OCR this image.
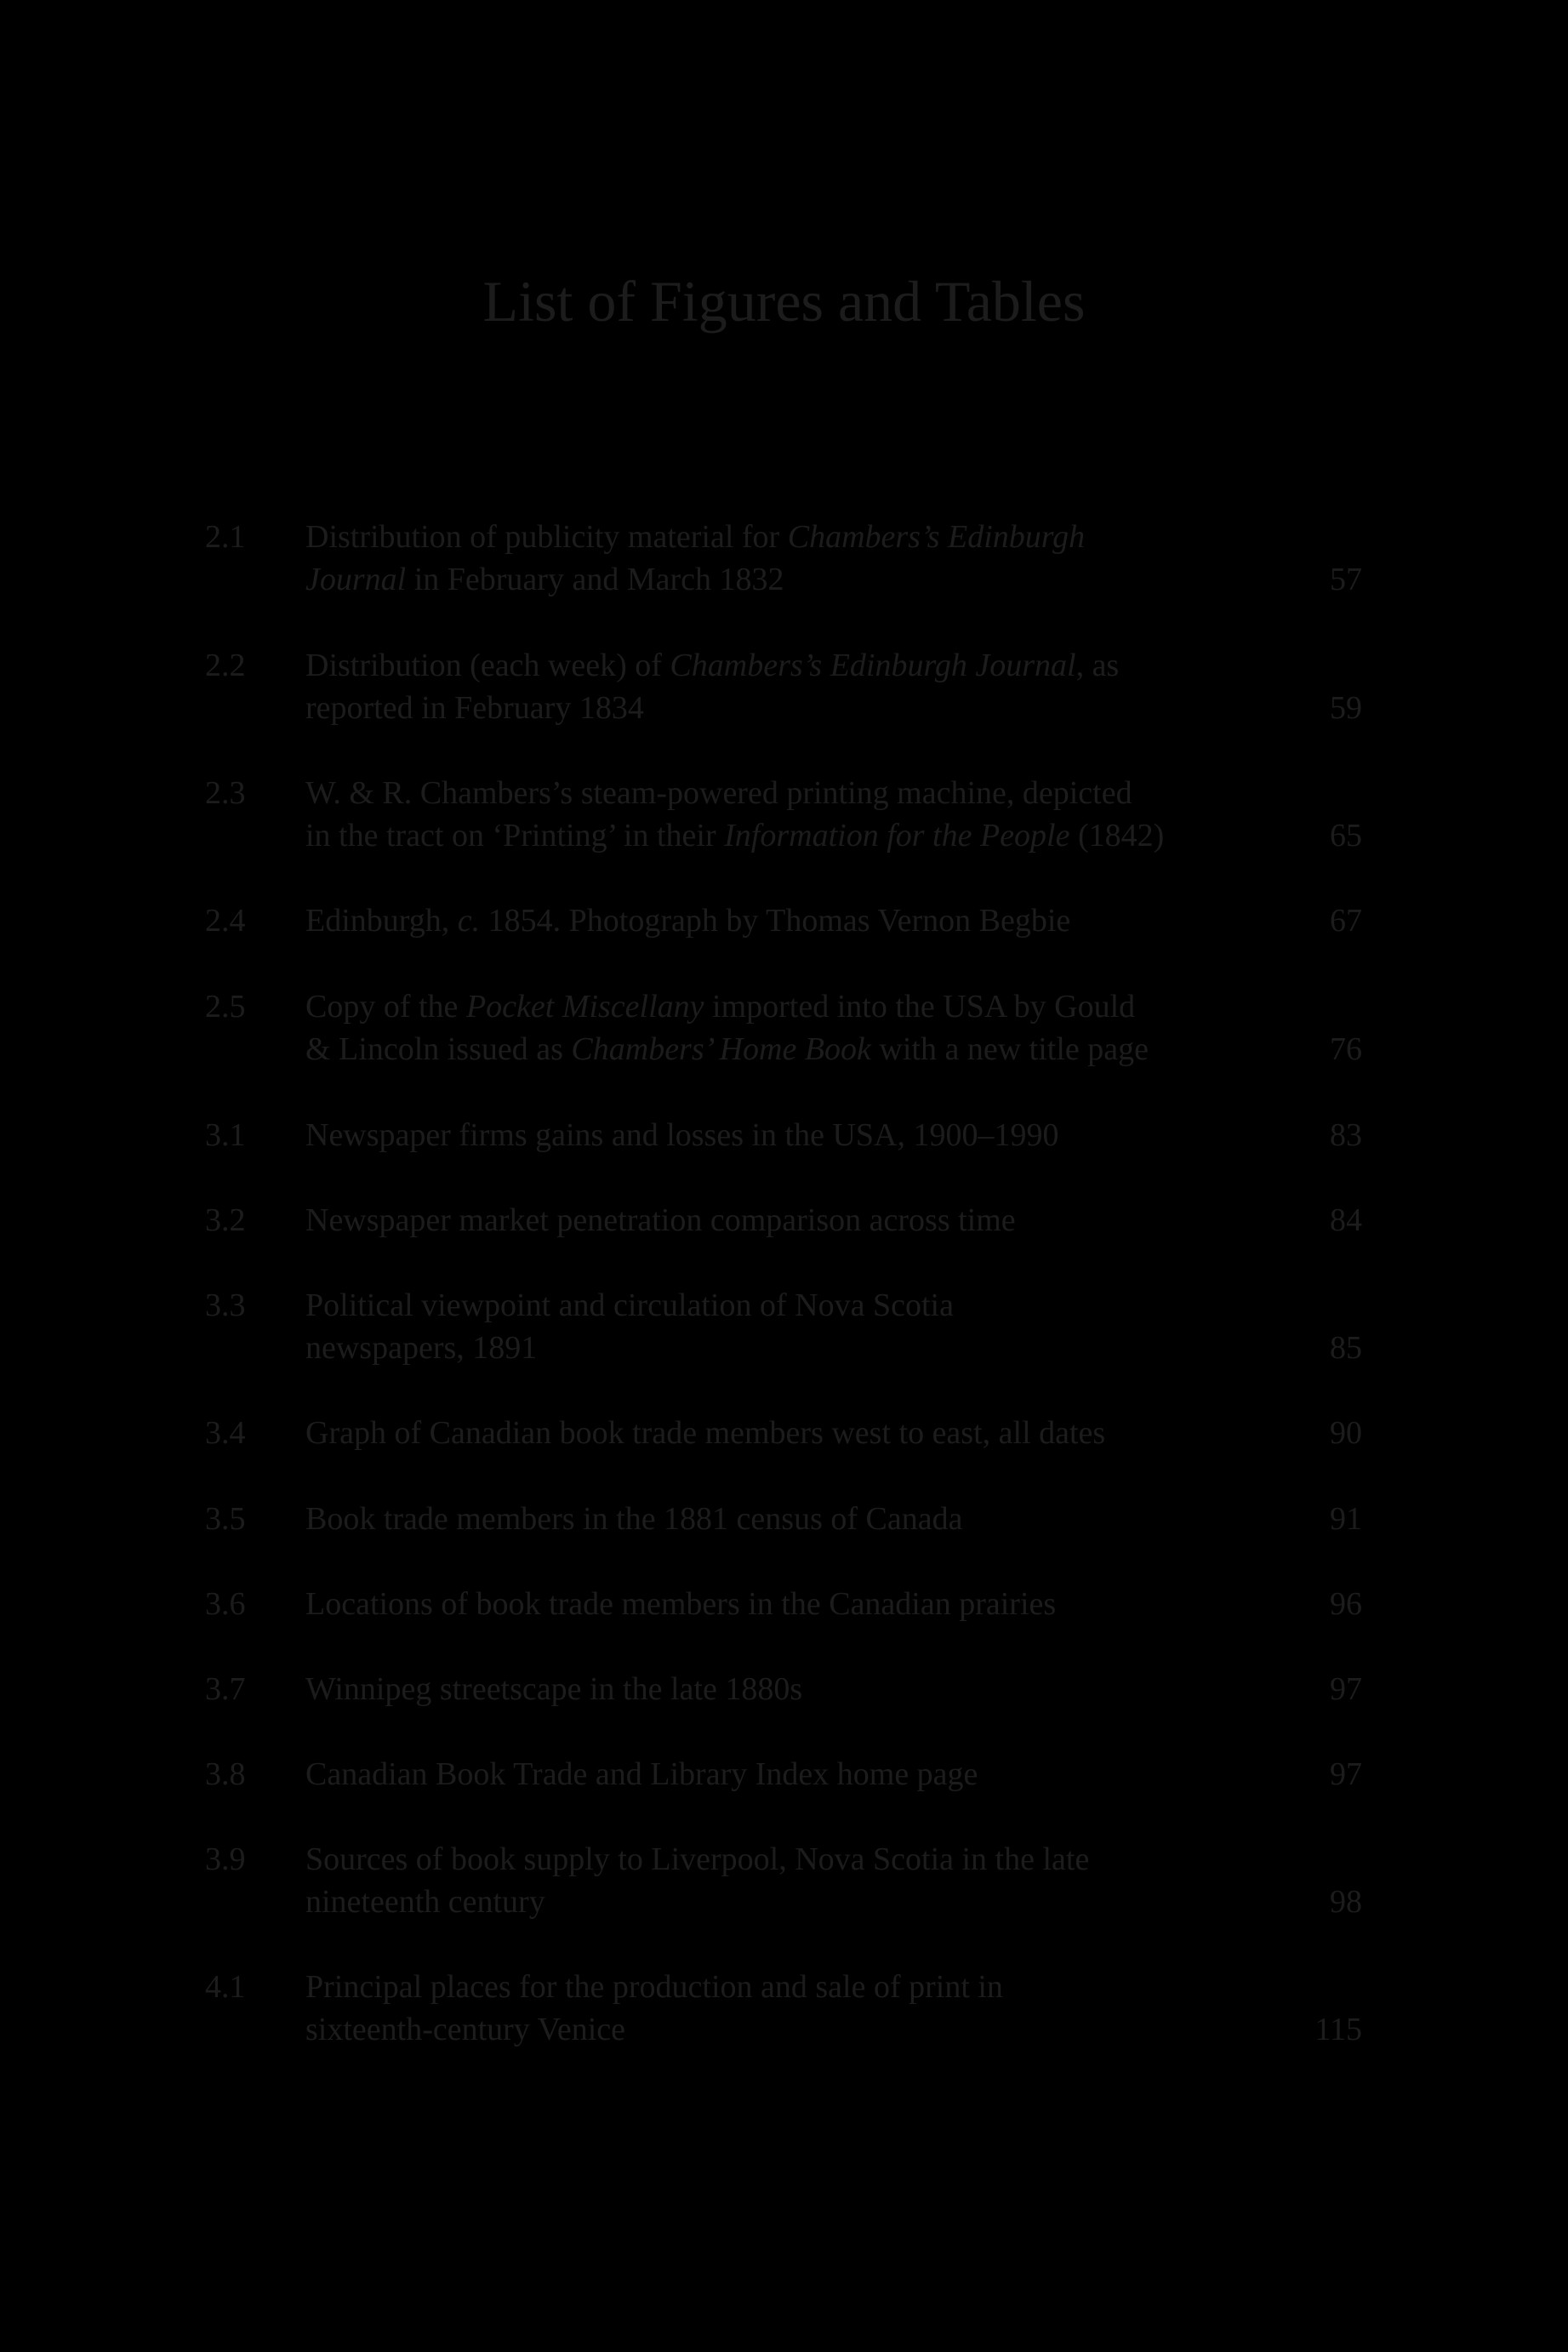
List of Figures and Tables
2.1 Distribution of publicity material for Chambers’s Edinburgh
Journal in February and March 1832	57
2.2 Distribution (each week) of Chambers’s Edinburgh Journal, as
reported in February 1834	59
2.3 W. & R. Chambers’s steam-powered printing machine, depicted
in the tract on ‘Printing’ in their Information for the People (1842)	65
2.4 Edinburgh, c. 1854. Photograph by Thomas Vernon Begbie	67
2.5 Copy of the Pocket Miscellany imported into the USA by Gould
& Lincoln issued as Chambers’ Home Book with a new title page	76
3.1 Newspaper firms gains and losses in the USA, 1900–1990	83
3.2 Newspaper market penetration comparison across time	84
3.3 Political viewpoint and circulation of Nova Scotia
newspapers, 1891	85
3.4 Graph of Canadian book trade members west to east, all dates	90
3.5 Book trade members in the 1881 census of Canada	91
3.6 Locations of book trade members in the Canadian prairies	96
3.7 Winnipeg streetscape in the late 1880s	97
3.8 Canadian Book Trade and Library Index home page	97
3.9 Sources of book supply to Liverpool, Nova Scotia in the late
nineteenth century	98
4.1 Principal places for the production and sale of print in
sixteenth-century Venice	115
